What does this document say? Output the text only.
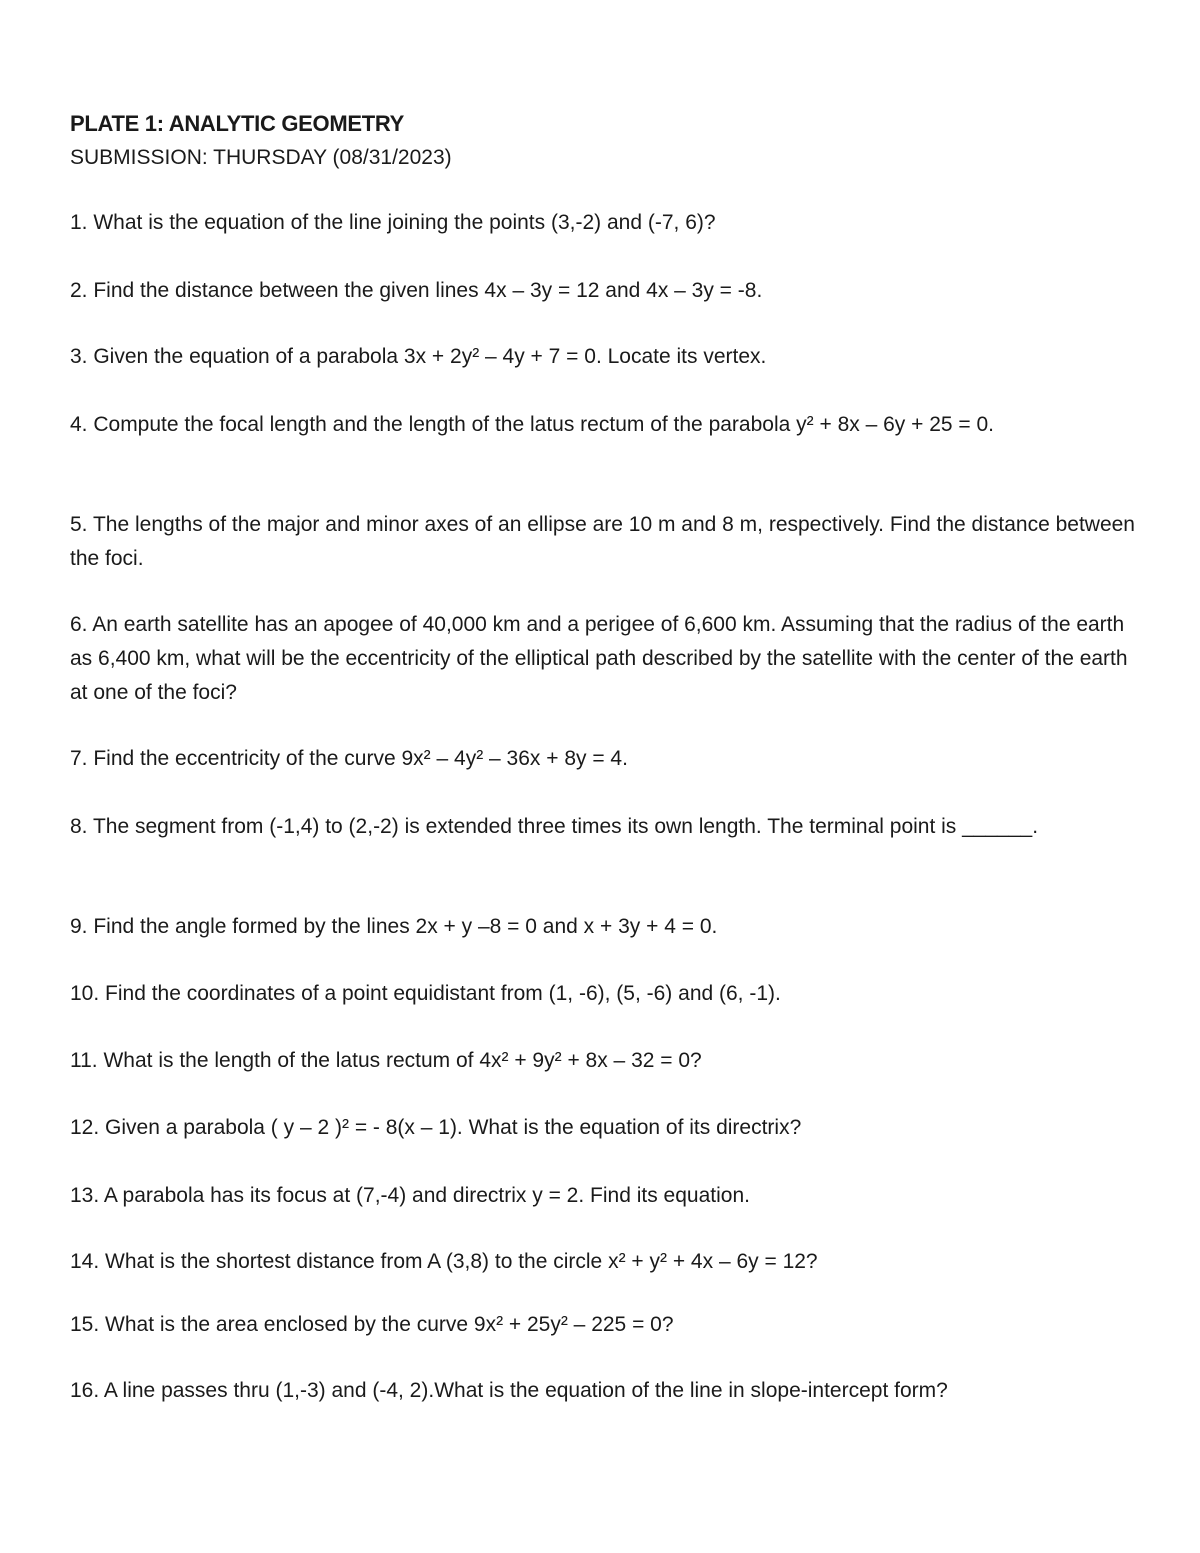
PLATE 1: ANALYTIC GEOMETRY

SUBMISSION: THURSDAY (08/31/2023)

1. What is the equation of the line joining the points (3,-2) and (-7, 6)?

2. Find the distance between the given lines 4x – 3y = 12 and 4x – 3y = -8.

3. Given the equation of a parabola 3x + 2y² – 4y + 7 = 0. Locate its vertex.

4. Compute the focal length and the length of the latus rectum of the parabola y² + 8x – 6y + 25 = 0.

5. The lengths of the major and minor axes of an ellipse are 10 m and 8 m, respectively. Find the distance between the foci.

6. An earth satellite has an apogee of 40,000 km and a perigee of 6,600 km. Assuming that the radius of the earth as 6,400 km, what will be the eccentricity of the elliptical path described by the satellite with the center of the earth at one of the foci?

7. Find the eccentricity of the curve 9x² – 4y² – 36x + 8y = 4.

8. The segment from (-1,4) to (2,-2) is extended three times its own length. The terminal point is ______.

9. Find the angle formed by the lines 2x + y –8 = 0 and x + 3y + 4 = 0.

10. Find the coordinates of a point equidistant from (1, -6), (5, -6) and (6, -1).

11. What is the length of the latus rectum of 4x² + 9y² + 8x – 32 = 0?

12. Given a parabola ( y – 2 )² = - 8(x – 1). What is the equation of its directrix?

13. A parabola has its focus at (7,-4) and directrix y = 2. Find its equation.

14. What is the shortest distance from A (3,8) to the circle x² + y² + 4x – 6y = 12?

15. What is the area enclosed by the curve 9x² + 25y² – 225 = 0?

16. A line passes thru (1,-3) and (-4, 2).What is the equation of the line in slope-intercept form?
